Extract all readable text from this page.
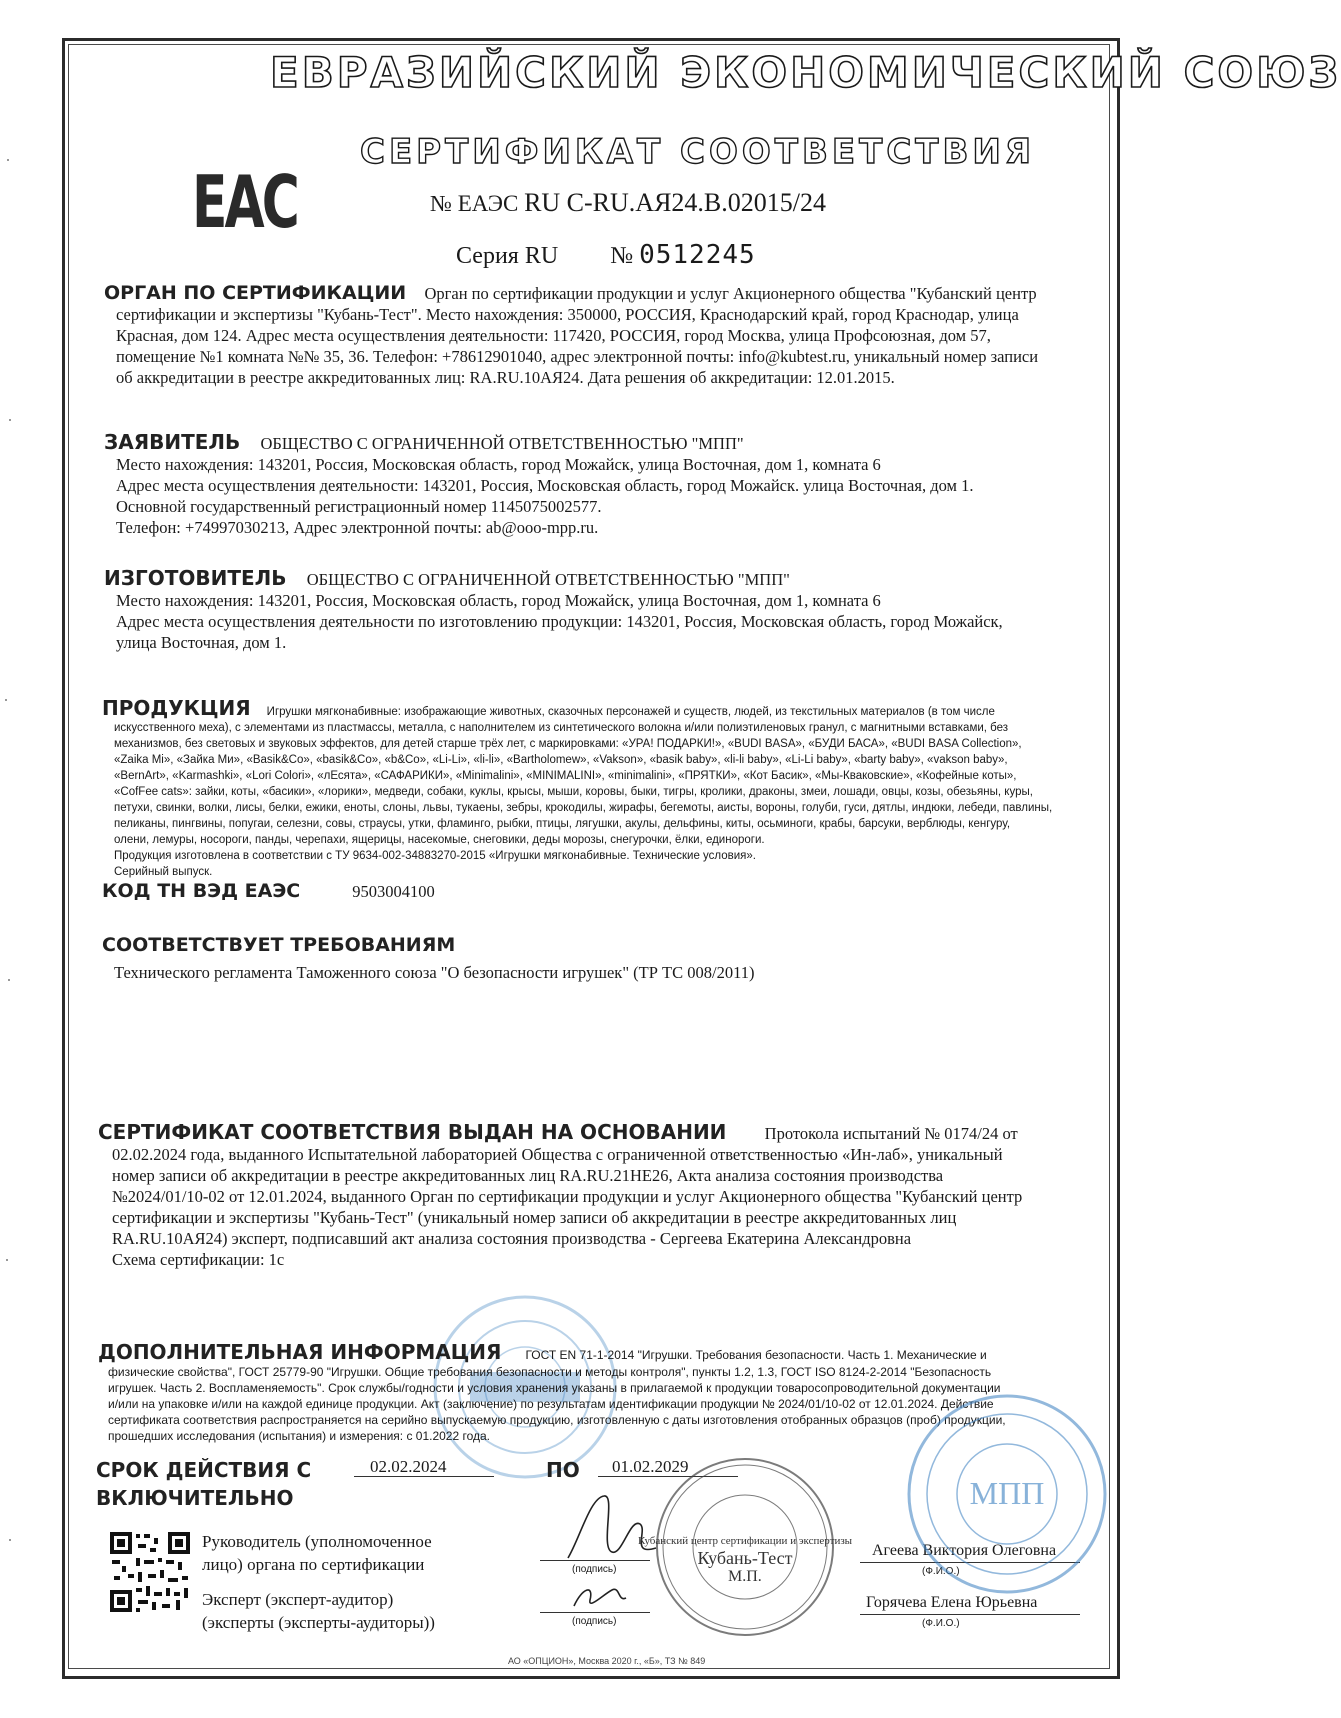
ЕВРАЗИЙСКИЙ ЭКОНОМИЧЕСКИЙ СОЮЗ
СЕРТИФИКАТ СООТВЕТСТВИЯ
EAC	№ ЕАЭС RU C-RU.АЯ24.В.02015/24
Серия RU № 0512245
ОРГАН ПО СЕРТИФИКАЦИИ Орган по сертификации продукции и услуг Акционерного общества "Кубанский центр
сертификации и экспертизы "Кубань-Тест". Место нахождения: 350000, РОССИЯ, Краснодарский край, город Краснодар, улица
Красная, дом 124. Адрес места осуществления деятельности: 117420, РОССИЯ, город Москва, улица Профсоюзная, дом 57,
помещение №1 комната №№ 35, 36. Телефон: +78612901040, адрес электронной почты: info@kubtest.ru, уникальный номер записи
об аккредитации в реестре аккредитованных лиц: RA.RU.10АЯ24. Дата решения об аккредитации: 12.01.2015.
ЗАЯВИТЕЛЬ ОБЩЕСТВО С ОГРАНИЧЕННОЙ ОТВЕТСТВЕННОСТЬЮ "МПП"
Место нахождения: 143201, Россия, Московская область, город Можайск, улица Восточная, дом 1, комната 6
Адрес места осуществления деятельности: 143201, Россия, Московская область, город Можайск. улица Восточная, дом 1.
Основной государственный регистрационный номер 1145075002577.
Телефон: +74997030213, Адрес электронной почты: ab@ooo-mpp.ru.
ИЗГОТОВИТЕЛЬ ОБЩЕСТВО С ОГРАНИЧЕННОЙ ОТВЕТСТВЕННОСТЬЮ "МПП"
Место нахождения: 143201, Россия, Московская область, город Можайск, улица Восточная, дом 1, комната 6
Адрес места осуществления деятельности по изготовлению продукции: 143201, Россия, Московская область, город Можайск,
улица Восточная, дом 1.
ПРОДУКЦИЯ Игрушки мягконабивные: изображающие животных, сказочных персонажей и существ, людей, из текстильных материалов (в том числе
искусственного меха), с элементами из пластмассы, металла, с наполнителем из синтетического волокна и/или полиэтиленовых гранул, с магнитными вставками, без
механизмов, без световых и звуковых эффектов, для детей старше трёх лет, с маркировками: «УРА! ПОДАРКИ!», «BUDI BASA», «БУДИ БАСА», «BUDI BASA Collection»,
«Zaika Mi», «Зайка Ми», «Basik&Co», «basik&Co», «b&Co», «Li-Li», «li-li», «Bartholomew», «Vakson», «basik baby», «li-li baby», «Li-Li baby», «barty baby», «vakson baby»,
«BernArt», «Karmashki», «Lori Colori», «лЕсята», «САФАРИКИ», «Minimalini», «MINIMALINI», «minimalini», «ПРЯТКИ», «Кот Басик», «Мы-Кваковские», «Кофейные коты»,
«CofFee cats»: зайки, коты, «басики», «лорики», медведи, собаки, куклы, крысы, мыши, коровы, быки, тигры, кролики, драконы, змеи, лошади, овцы, козы, обезьяны, куры,
петухи, свинки, волки, лисы, белки, ежики, еноты, слоны, львы, тукаены, зебры, крокодилы, жирафы, бегемоты, аисты, вороны, голуби, гуси, дятлы, индюки, лебеди, павлины,
пеликаны, пингвины, попугаи, селезни, совы, страусы, утки, фламинго, рыбки, птицы, лягушки, акулы, дельфины, киты, осьминоги, крабы, барсуки, верблюды, кенгуру,
олени, лемуры, носороги, панды, черепахи, ящерицы, насекомые, снеговики, деды морозы, снегурочки, ёлки, единороги.
Продукция изготовлена в соответствии с ТУ 9634-002-34883270-2015 «Игрушки мягконабивные. Технические условия».
Серийный выпуск.
КОД ТН ВЭД ЕАЭС	9503004100
СООТВЕТСТВУЕТ ТРЕБОВАНИЯМ
Технического регламента Таможенного союза "О безопасности игрушек" (ТР ТС 008/2011)
СЕРТИФИКАТ СООТВЕТСТВИЯ ВЫДАН НА ОСНОВАНИИ Протокола испытаний № 0174/24 от
02.02.2024 года, выданного Испытательной лабораторией Общества с ограниченной ответственностью «Ин-лаб», уникальный
номер записи об аккредитации в реестре аккредитованных лиц RA.RU.21НЕ26, Акта анализа состояния производства
№2024/01/10-02 от 12.01.2024, выданного Орган по сертификации продукции и услуг Акционерного общества "Кубанский центр
сертификации и экспертизы "Кубань-Тест" (уникальный номер записи об аккредитации в реестре аккредитованных лиц
RA.RU.10АЯ24) эксперт, подписавший акт анализа состояния производства - Сергеева Екатерина Александровна
Схема сертификации: 1с
ДОПОЛНИТЕЛЬНАЯ ИНФОРМАЦИЯ ГОСТ EN 71-1-2014 "Игрушки. Требования безопасности. Часть 1. Механические и
физические свойства", ГОСТ 25779-90 "Игрушки. Общие требования безопасности и методы контроля", пункты 1.2, 1.3, ГОСТ ISO 8124-2-2014 "Безопасность
игрушек. Часть 2. Воспламеняемость". Срок службы/годности и условия хранения указаны в прилагаемой к продукции товаросопроводительной документации
и/или на упаковке и/или на каждой единице продукции. Акт (заключение) по результатам идентификации продукции № 2024/01/10-02 от 12.01.2024. Действие
сертификата соответствия распространяется на серийно выпускаемую продукцию, изготовленную с даты изготовления отобранных образцов (проб) продукции,
прошедших исследования (испытания) и измерения: с 01.2022 года.
СРОК ДЕЙСТВИЯ С
ВКЛЮЧИТЕЛЬНО
02.02.2024	ПО 01.02.2029
Руководитель (уполномоченное
лицо) органа по сертификации
Эксперт (эксперт-аудитор)
(эксперты (эксперты-аудиторы))
(подпись)
(подпись)
Кубанский центр сертификации и экспертизы
Кубань-Тест
М.П.
Агеева Виктория Олеговна
(Ф.И.О.)
Горячева Елена Юрьевна
(Ф.И.О.)
МПП
АО «ОПЦИОН», Москва 2020 г., «Б», ТЗ № 849
